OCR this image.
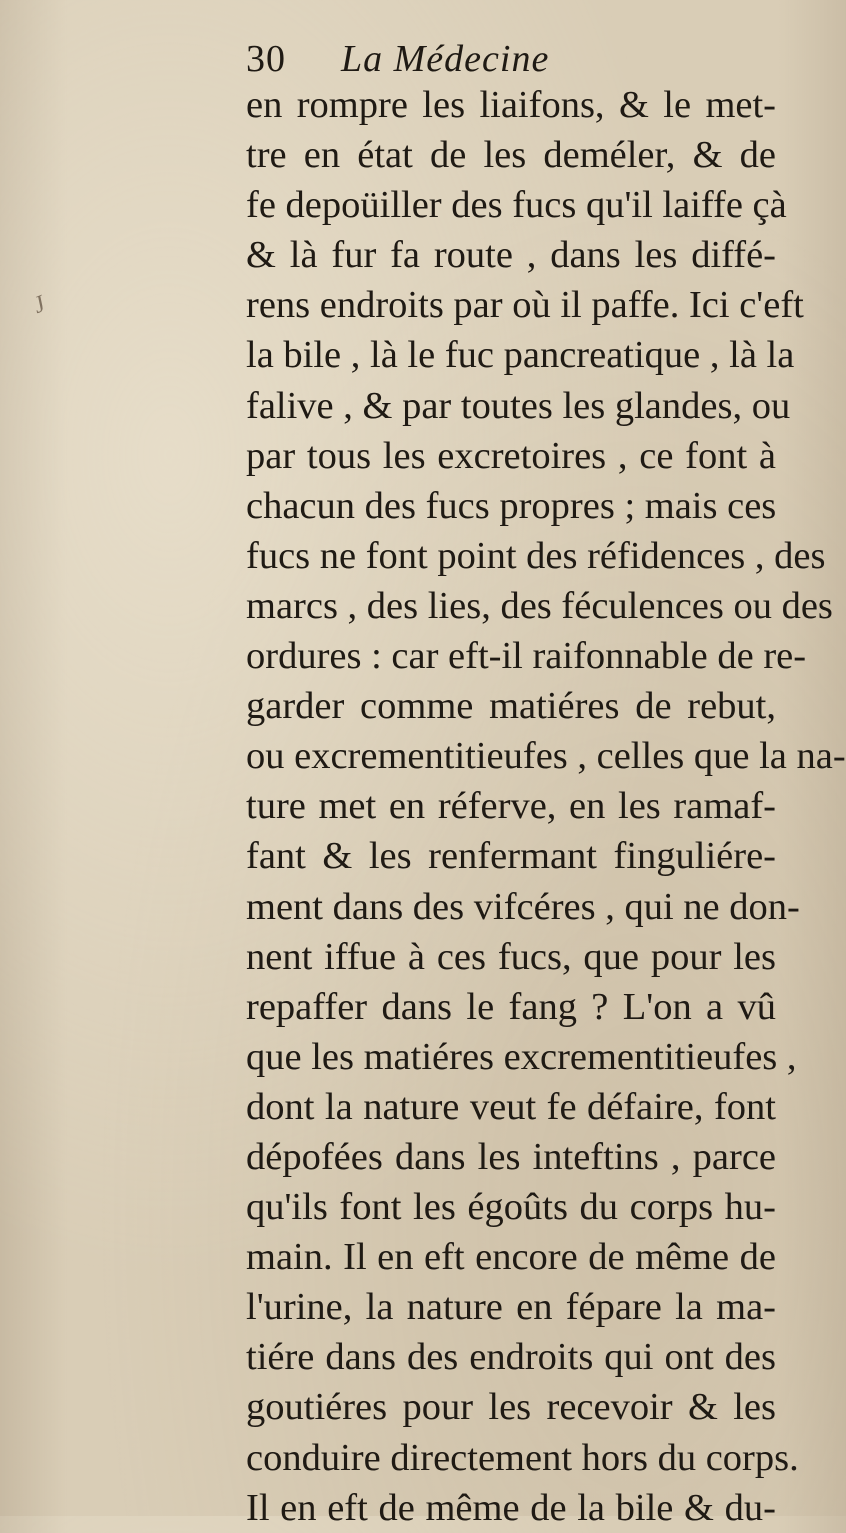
J
30	La Médecine
en rompre les liaifons, & le met-
tre en état de les deméler, & de
fe depoüiller des fucs qu'il laiffe çà
& là fur fa route , dans les diffé-
rens endroits par où il paffe. Ici c'eft
la bile , là le fuc pancreatique , là la
falive , & par toutes les glandes, ou
par tous les excretoires , ce font à
chacun des fucs propres ; mais ces
fucs ne font point des réfidences , des
marcs , des lies, des féculences ou des
ordures : car eft-il raifonnable de re-
garder comme matiéres de rebut,
ou excrementitieufes , celles que la na-
ture met en réferve, en les ramaf-
fant & les renfermant finguliére-
ment dans des vifcéres , qui ne don-
nent iffue à ces fucs, que pour les
repaffer dans le fang ? L'on a vû
que les matiéres excrementitieufes ,
dont la nature veut fe défaire, font
dépofées dans les inteftins , parce
qu'ils font les égoûts du corps hu-
main. Il en eft encore de même de
l'urine, la nature en fépare la ma-
tiére dans des endroits qui ont des
goutiéres pour les recevoir & les
conduire directement hors du corps.
Il en eft de même de la bile & du-
